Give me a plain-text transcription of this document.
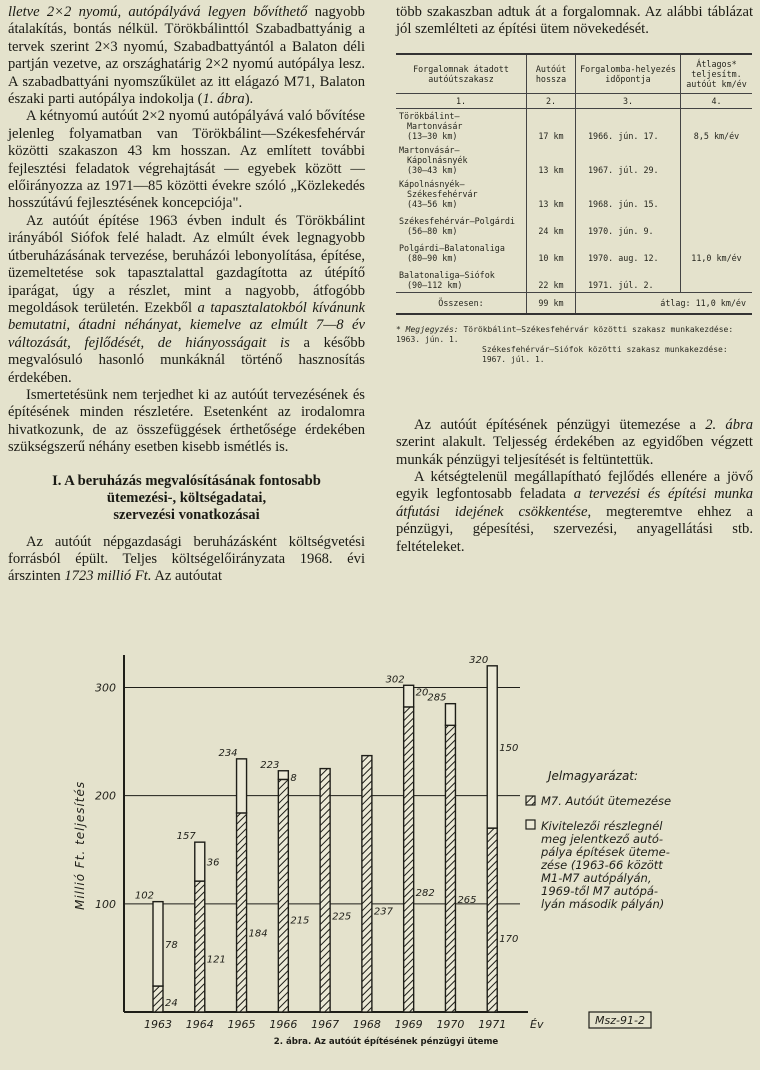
lletve 2×2 nyomú, autópályává legyen bővíthető nagyobb átalakítás, bontás nélkül. Törökbálinttól Szabadbattyánig a tervek szerint 2×3 nyomú, Szabadbattyántól a Balaton déli partján vezetve, az országhatárig 2×2 nyomú autópálya lesz. A szabadbattyáni nyomszűkület az itt elágazó M71, Balaton északi parti autópálya indokolja (1. ábra).

A kétnyomú autóút 2×2 nyomú autópályává való bővítése jelenleg folyamatban van Törökbálint—Székesfehérvár közötti szakaszon 43 km hosszan. Az említett további fejlesztési feladatok végrehajtását — egyebek között — előirányozza az 1971—85 közötti évekre szóló „Közlekedés hosszútávú fejlesztésének koncepciója".

Az autóút építése 1963 évben indult és Törökbálint irányából Siófok felé haladt. Az elmúlt évek legnagyobb útberuházásának tervezése, beruházói lebonyolítása, építése, üzemeltetése sok tapasztalattal gazdagította az útépítő iparágat, úgy a részlet, mint a nagyobb, átfogóbb megoldások területén. Ezekből a tapasztalatokból kívánunk bemutatni, átadni néhányat, kiemelve az elmúlt 7—8 év változását, fejlődését, de hiányosságait is a később megvalósuló hasonló munkáknál történő hasznosítás érdekében.

Ismertetésünk nem terjedhet ki az autóút tervezésének és építésének minden részletére. Esetenként az irodalomra hivatkozunk, de az összefüggések érthetősége érdekében szükségszerű néhány esetben kisebb ismétlés is.

I. A beruházás megvalósításának fontosabb
ütemezési-, költségadatai,
szervezési vonatkozásai

Az autóút népgazdasági beruházásként költségvetési forrásból épült. Teljes költségelőirányzata 1968. évi árszinten 1723 millió Ft. Az autóutat

több szakaszban adtuk át a forgalomnak. Az alábbi táblázat jól szemlélteti az építési ütem növekedését.

Forgalomnak átadott autóútszakasz	Autóút hossza	Forgalomba-helyezés időpontja	Átlagos* teljesítm. autóút km/év
1.	2.	3.	4.

Törökbálint—
Martonvásár
(13—30 km)	17 km	1966. jún. 17.	8,5 km/év

Martonvásár—
Kápolnásnyék
(30—43 km)	13 km	1967. júl. 29.	

Kápolnásnyék—
Székesfehérvár
(43—56 km)	13 km	1968. jún. 15.	

Székesfehérvár—Polgárdi
(56—80 km)	24 km	1970. jún. 9.	

Polgárdi—Balatonaliga
(80—90 km)	10 km	1970. aug. 12.	11,0 km/év

Balatonaliga—Siófok
(90—112 km)	22 km	1971. júl. 2.	
Összesen:	99 km	átlag: 11,0 km/év	
* Megjegyzés: Törökbálint—Székesfehérvár közötti szakasz munkakezdése: 1963. jún. 1.
Székesfehérvár—Siófok közötti szakasz munkakezdése: 1967. júl. 1.

Az autóút építésének pénzügyi ütemezése a 2. ábra szerint alakult. Teljesség érdekében az egyidőben végzett munkák pénzügyi teljesítését is feltüntettük.

A kétségtelenül megállapítható fejlődés ellenére a jövő egyik legfontosabb feladata a tervezési és építési munka átfutási idejének csökkentése, megteremtve ehhez a pénzügyi, gépesítési, szervezési, anyagellátási stb. feltételeket.

100
200
300
Millió Ft. teljesítés
1963
102
24
78
1964
157
121
36
1965
234
184
1966
223
215
8
1967
225
1968
237
1969
302
282
20
1970
285
265
1971
320
170
150
Év
2. ábra. Az autóút építésének pénzügyi üteme
Jelmagyarázat:
M7. Autóút ütemezése
Kivitelezői részlegnél
meg jelentkező autó-
pálya építések üteme-
zése (1963-66 között
M1-M7 autópályán,
1969-től M7 autópá-
lyán második pályán)
Msz-91-2
